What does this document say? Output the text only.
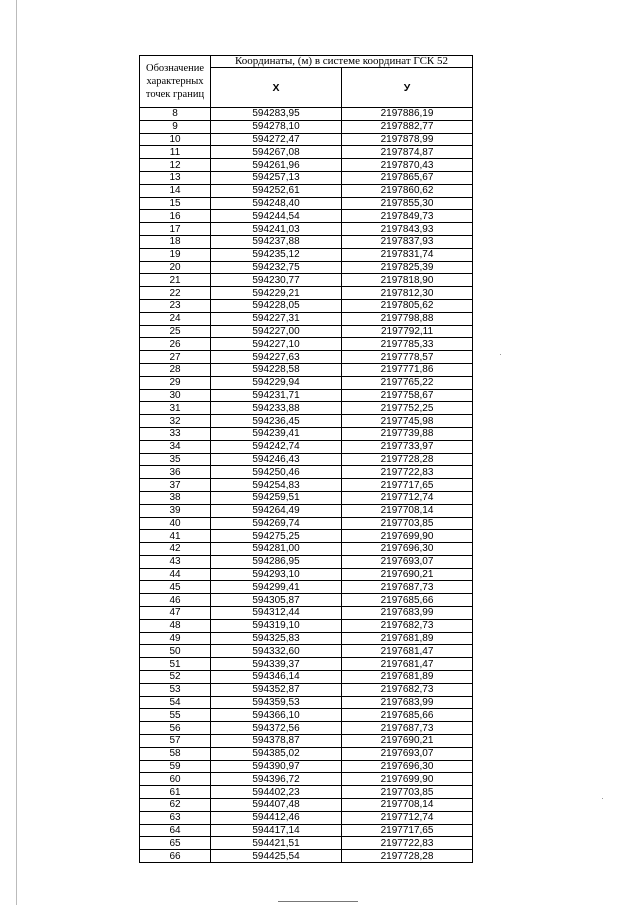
Обозначение характерных точек границ	Координаты, (м) в системе координат ГСК 52	
	X	У
8	594283,95	2197886,19
9	594278,10	2197882,77
10	594272,47	2197878,99
11	594267,08	2197874,87
12	594261,96	2197870,43
13	594257,13	2197865,67
14	594252,61	2197860,62
15	594248,40	2197855,30
16	594244,54	2197849,73
17	594241,03	2197843,93
18	594237,88	2197837,93
19	594235,12	2197831,74
20	594232,75	2197825,39
21	594230,77	2197818,90
22	594229,21	2197812,30
23	594228,05	2197805,62
24	594227,31	2197798,88
25	594227,00	2197792,11
26	594227,10	2197785,33
27	594227,63	2197778,57
28	594228,58	2197771,86
29	594229,94	2197765,22
30	594231,71	2197758,67
31	594233,88	2197752,25
32	594236,45	2197745,98
33	594239,41	2197739,88
34	594242,74	2197733,97
35	594246,43	2197728,28
36	594250,46	2197722,83
37	594254,83	2197717,65
38	594259,51	2197712,74
39	594264,49	2197708,14
40	594269,74	2197703,85
41	594275,25	2197699,90
42	594281,00	2197696,30
43	594286,95	2197693,07
44	594293,10	2197690,21
45	594299,41	2197687,73
46	594305,87	2197685,66
47	594312,44	2197683,99
48	594319,10	2197682,73
49	594325,83	2197681,89
50	594332,60	2197681,47
51	594339,37	2197681,47
52	594346,14	2197681,89
53	594352,87	2197682,73
54	594359,53	2197683,99
55	594366,10	2197685,66
56	594372,56	2197687,73
57	594378,87	2197690,21
58	594385,02	2197693,07
59	594390,97	2197696,30
60	594396,72	2197699,90
61	594402,23	2197703,85
62	594407,48	2197708,14
63	594412,46	2197712,74
64	594417,14	2197717,65
65	594421,51	2197722,83
66	594425,54	2197728,28
